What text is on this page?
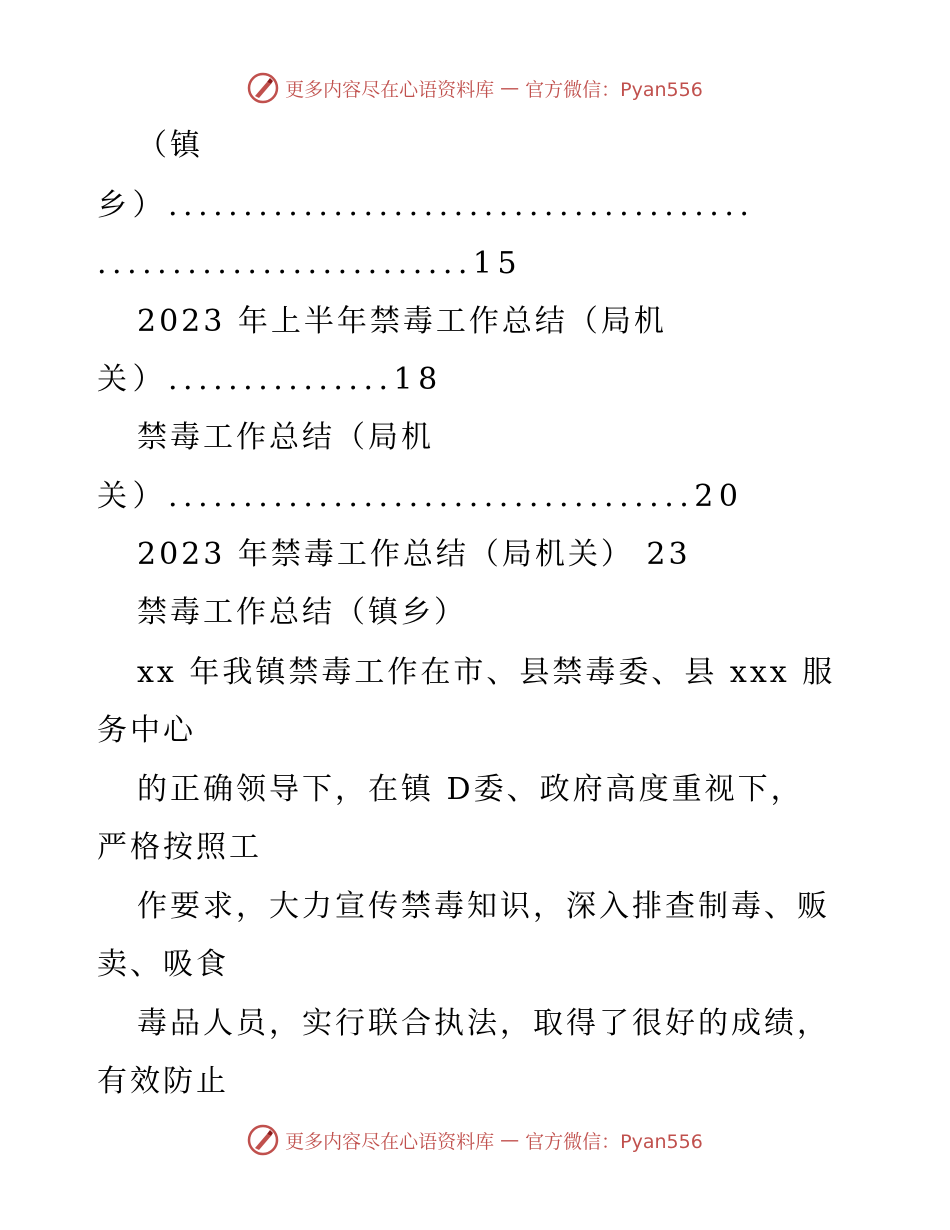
更多内容尽在心语资料库 — 官方微信：Pyan556
（镇
乡）.......................................
.........................15
2023 年上半年禁毒工作总结（局机
关）...............18
禁毒工作总结（局机
关）...................................20
2023 年禁毒工作总结（局机关） 23
禁毒工作总结（镇乡）
xx 年我镇禁毒工作在市、县禁毒委、县 xxx 服
务中心
的正确领导下，在镇 D委、政府高度重视下，
严格按照工
作要求，大力宣传禁毒知识，深入排查制毒、贩
卖、吸食
毒品人员，实行联合执法，取得了很好的成绩，
有效防止
更多内容尽在心语资料库 — 官方微信：Pyan556
